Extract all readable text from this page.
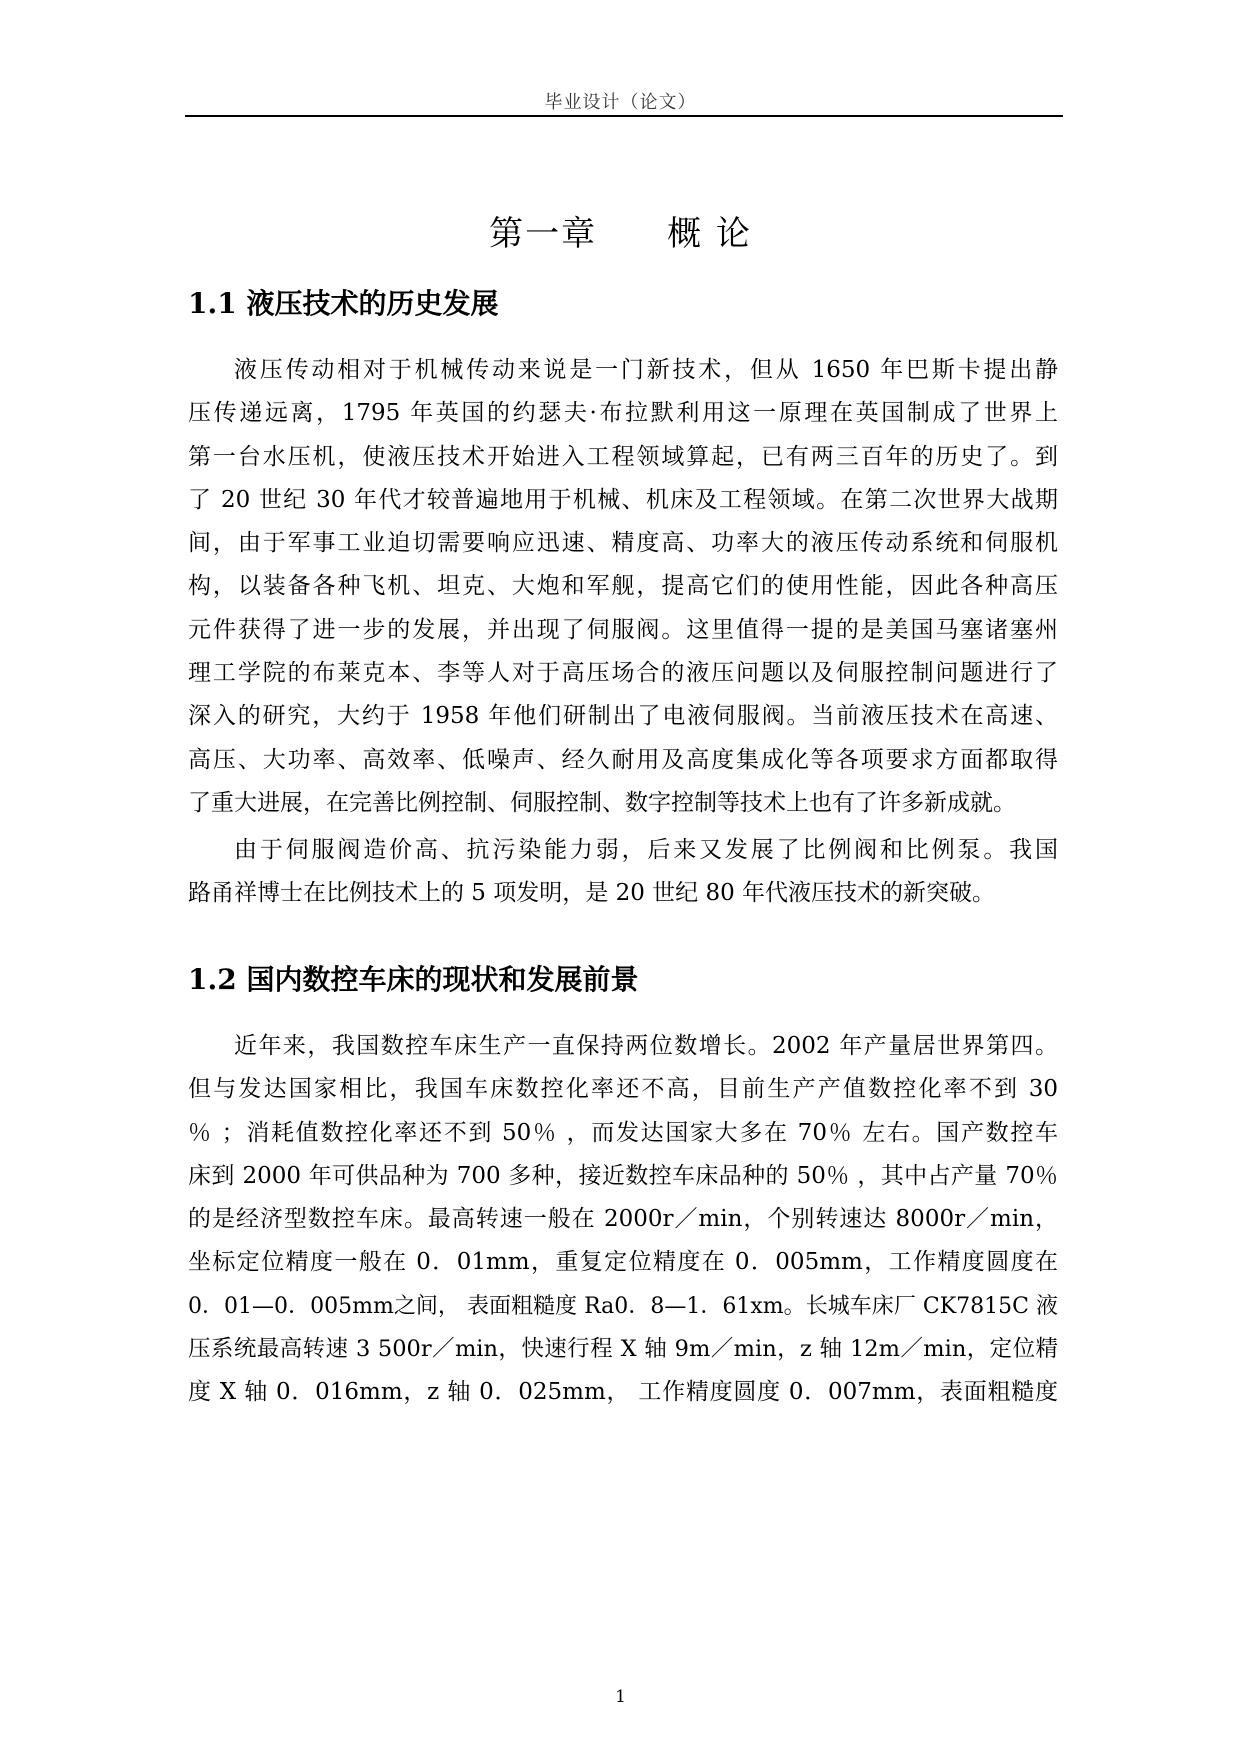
毕业设计（论文）
第一章 概 论
1.1 液压技术的历史发展
液压传动相对于机械传动来说是一门新技术，但从 1650 年巴斯卡提出静
压传递远离，1795 年英国的约瑟夫·布拉默利用这一原理在英国制成了世界上
第一台水压机，使液压技术开始进入工程领域算起，已有两三百年的历史了。到
了 20 世纪 30 年代才较普遍地用于机械、机床及工程领域。在第二次世界大战期
间，由于军事工业迫切需要响应迅速、精度高、功率大的液压传动系统和伺服机
构，以装备各种飞机、坦克、大炮和军舰，提高它们的使用性能，因此各种高压
元件获得了进一步的发展，并出现了伺服阀。这里值得一提的是美国马塞诸塞州
理工学院的布莱克本、李等人对于高压场合的液压问题以及伺服控制问题进行了
深入的研究，大约于 1958 年他们研制出了电液伺服阀。当前液压技术在高速、
高压、大功率、高效率、低噪声、经久耐用及高度集成化等各项要求方面都取得
了重大进展，在完善比例控制、伺服控制、数字控制等技术上也有了许多新成就。
由于伺服阀造价高、抗污染能力弱，后来又发展了比例阀和比例泵。我国
路甬祥博士在比例技术上的 5 项发明，是 20 世纪 80 年代液压技术的新突破。
1.2 国内数控车床的现状和发展前景
近年来，我国数控车床生产一直保持两位数增长。2002 年产量居世界第四。
但与发达国家相比，我国车床数控化率还不高，目前生产产值数控化率不到 30
％ ；消耗值数控化率还不到 50％ ，而发达国家大多在 70％ 左右。国产数控车
床到 2000 年可供品种为 700 多种，接近数控车床品种的 50％ ，其中占产量 70％
的是经济型数控车床。最高转速一般在 2000r／min，个别转速达 8000r／min，
坐标定位精度一般在 0．01mm，重复定位精度在 0．005mm，工作精度圆度在
0．01—0．005mm之间， 表面粗糙度 Ra0．8—1．61xm。长城车床厂 CK7815C 液
压系统最高转速 3 500r／min，快速行程 X 轴 9m／min，z 轴 12m／min，定位精
度 X 轴 0．016mm，z 轴 0．025mm， 工作精度圆度 0．007mm，表面粗糙度
1
